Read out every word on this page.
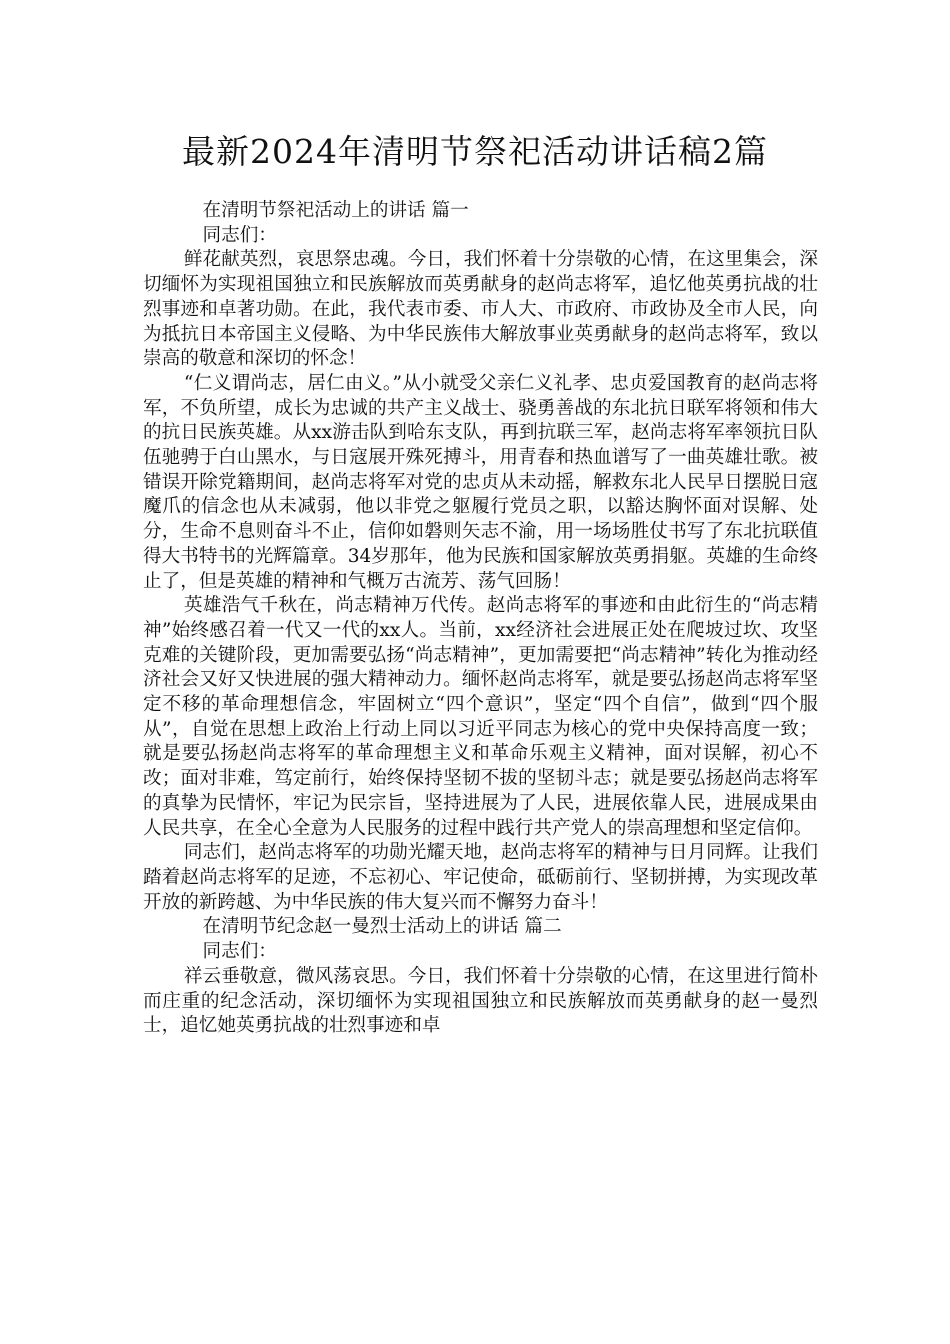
最新2024年清明节祭祀活动讲话稿2篇

在清明节祭祀活动上的讲话 篇一

同志们：

鲜花献英烈，哀思祭忠魂。今日，我们怀着十分崇敬的心情，在这里集会，深切缅怀为实现祖国独立和民族解放而英勇献身的赵尚志将军，追忆他英勇抗战的壮烈事迹和卓著功勋。在此，我代表市委、市人大、市政府、市政协及全市人民，向为抵抗日本帝国主义侵略、为中华民族伟大解放事业英勇献身的赵尚志将军，致以崇高的敬意和深切的怀念！

“仁义谓尚志，居仁由义。”从小就受父亲仁义礼孝、忠贞爱国教育的赵尚志将军，不负所望，成长为忠诚的共产主义战士、骁勇善战的东北抗日联军将领和伟大的抗日民族英雄。从xx游击队到哈东支队，再到抗联三军，赵尚志将军率领抗日队伍驰骋于白山黑水，与日寇展开殊死搏斗，用青春和热血谱写了一曲英雄壮歌。被错误开除党籍期间，赵尚志将军对党的忠贞从未动摇，解救东北人民早日摆脱日寇魔爪的信念也从未减弱，他以非党之躯履行党员之职，以豁达胸怀面对误解、处分，生命不息则奋斗不止，信仰如磐则矢志不渝，用一场场胜仗书写了东北抗联值得大书特书的光辉篇章。34岁那年，他为民族和国家解放英勇捐躯。英雄的生命终止了，但是英雄的精神和气概万古流芳、荡气回肠！

英雄浩气千秋在，尚志精神万代传。赵尚志将军的事迹和由此衍生的“尚志精神”始终感召着一代又一代的xx人。当前，xx经济社会进展正处在爬坡过坎、攻坚克难的关键阶段，更加需要弘扬“尚志精神”，更加需要把“尚志精神”转化为推动经济社会又好又快进展的强大精神动力。缅怀赵尚志将军，就是要弘扬赵尚志将军坚定不移的革命理想信念，牢固树立“四个意识”，坚定“四个自信”，做到“四个服从”，自觉在思想上政治上行动上同以习近平同志为核心的党中央保持高度一致；就是要弘扬赵尚志将军的革命理想主义和革命乐观主义精神，面对误解，初心不改；面对非难，笃定前行，始终保持坚韧不拔的坚韧斗志；就是要弘扬赵尚志将军的真挚为民情怀，牢记为民宗旨，坚持进展为了人民，进展依靠人民，进展成果由人民共享，在全心全意为人民服务的过程中践行共产党人的崇高理想和坚定信仰。

同志们，赵尚志将军的功勋光耀天地，赵尚志将军的精神与日月同辉。让我们踏着赵尚志将军的足迹，不忘初心、牢记使命，砥砺前行、坚韧拼搏，为实现改革开放的新跨越、为中华民族的伟大复兴而不懈努力奋斗！

在清明节纪念赵一曼烈士活动上的讲话 篇二

同志们：

祥云垂敬意，微风荡哀思。今日，我们怀着十分崇敬的心情，在这里进行简朴而庄重的纪念活动，深切缅怀为实现祖国独立和民族解放而英勇献身的赵一曼烈士，追忆她英勇抗战的壮烈事迹和卓
